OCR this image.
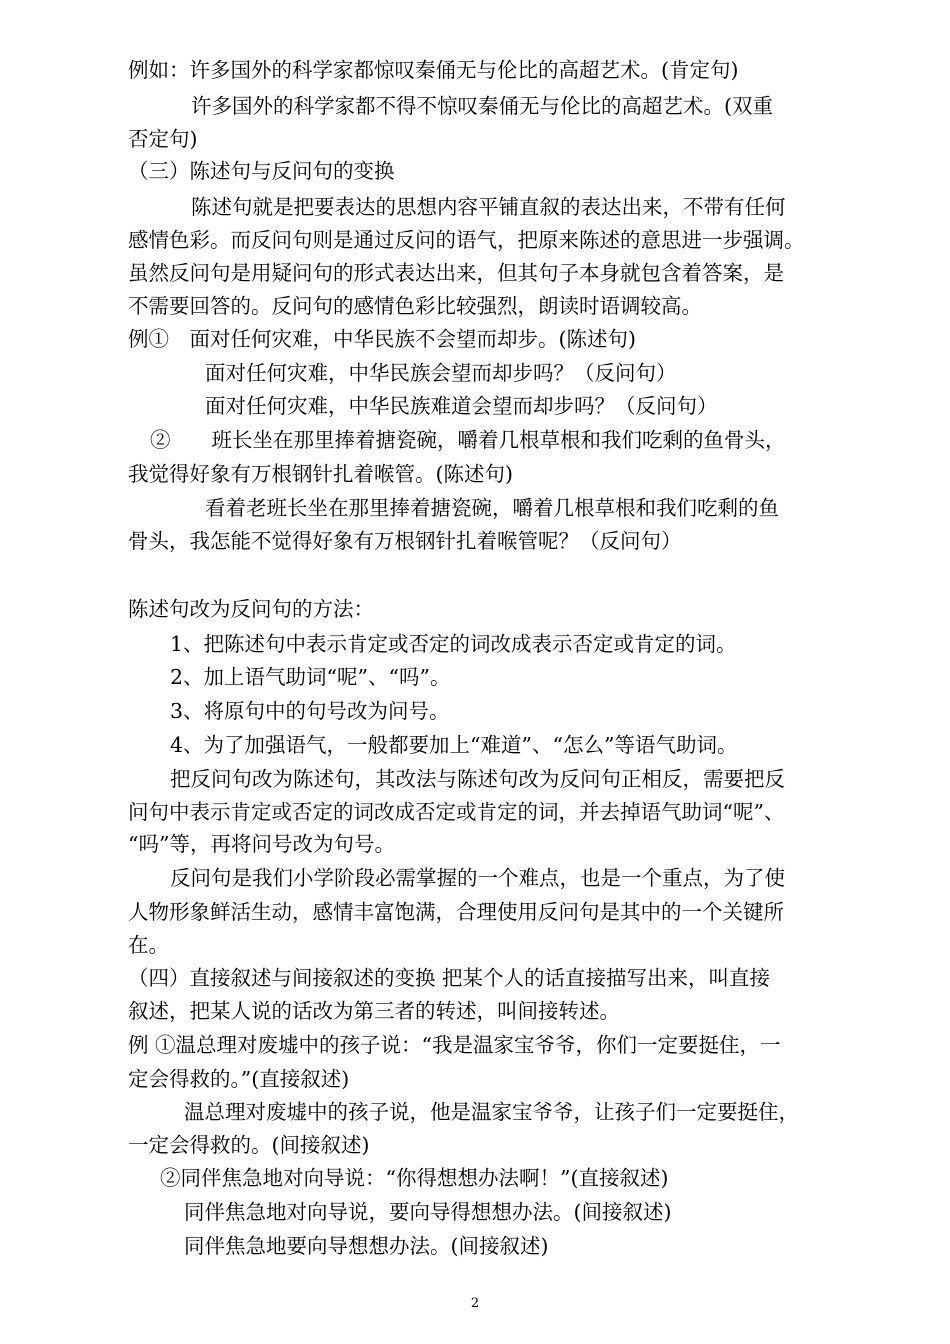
例如：许多国外的科学家都惊叹秦俑无与伦比的高超艺术。(肯定句)
许多国外的科学家都不得不惊叹秦俑无与伦比的高超艺术。(双重
否定句)
（三）陈述句与反问句的变换
陈述句就是把要表达的思想内容平铺直叙的表达出来，不带有任何
感情色彩。而反问句则是通过反问的语气，把原来陈述的意思进一步强调。
虽然反问句是用疑问句的形式表达出来，但其句子本身就包含着答案，是
不需要回答的。反问句的感情色彩比较强烈，朗读时语调较高。
例①　面对任何灾难，中华民族不会望而却步。(陈述句)
面对任何灾难，中华民族会望而却步吗？（反问句）
面对任何灾难，中华民族难道会望而却步吗？（反问句）
②　　班长坐在那里捧着搪瓷碗，嚼着几根草根和我们吃剩的鱼骨头，
我觉得好象有万根钢针扎着喉管。(陈述句)
看着老班长坐在那里捧着搪瓷碗，嚼着几根草根和我们吃剩的鱼
骨头，我怎能不觉得好象有万根钢针扎着喉管呢？（反问句）
陈述句改为反问句的方法：
1、把陈述句中表示肯定或否定的词改成表示否定或肯定的词。
2、加上语气助词“呢”、“吗”。
3、将原句中的句号改为问号。
4、为了加强语气，一般都要加上“难道”、“怎么”等语气助词。
把反问句改为陈述句，其改法与陈述句改为反问句正相反，需要把反
问句中表示肯定或否定的词改成否定或肯定的词，并去掉语气助词“呢”、
“吗”等，再将问号改为句号。
反问句是我们小学阶段必需掌握的一个难点，也是一个重点，为了使
人物形象鲜活生动，感情丰富饱满，合理使用反问句是其中的一个关键所
在。
（四）直接叙述与间接叙述的变换 把某个人的话直接描写出来，叫直接
叙述，把某人说的话改为第三者的转述，叫间接转述。
例 ①温总理对废墟中的孩子说：“我是温家宝爷爷，你们一定要挺住，一
定会得救的。”(直接叙述)
温总理对废墟中的孩子说，他是温家宝爷爷，让孩子们一定要挺住，
一定会得救的。(间接叙述)
②同伴焦急地对向导说：“你得想想办法啊！”(直接叙述)
同伴焦急地对向导说，要向导得想想办法。(间接叙述)
同伴焦急地要向导想想办法。(间接叙述)
2
